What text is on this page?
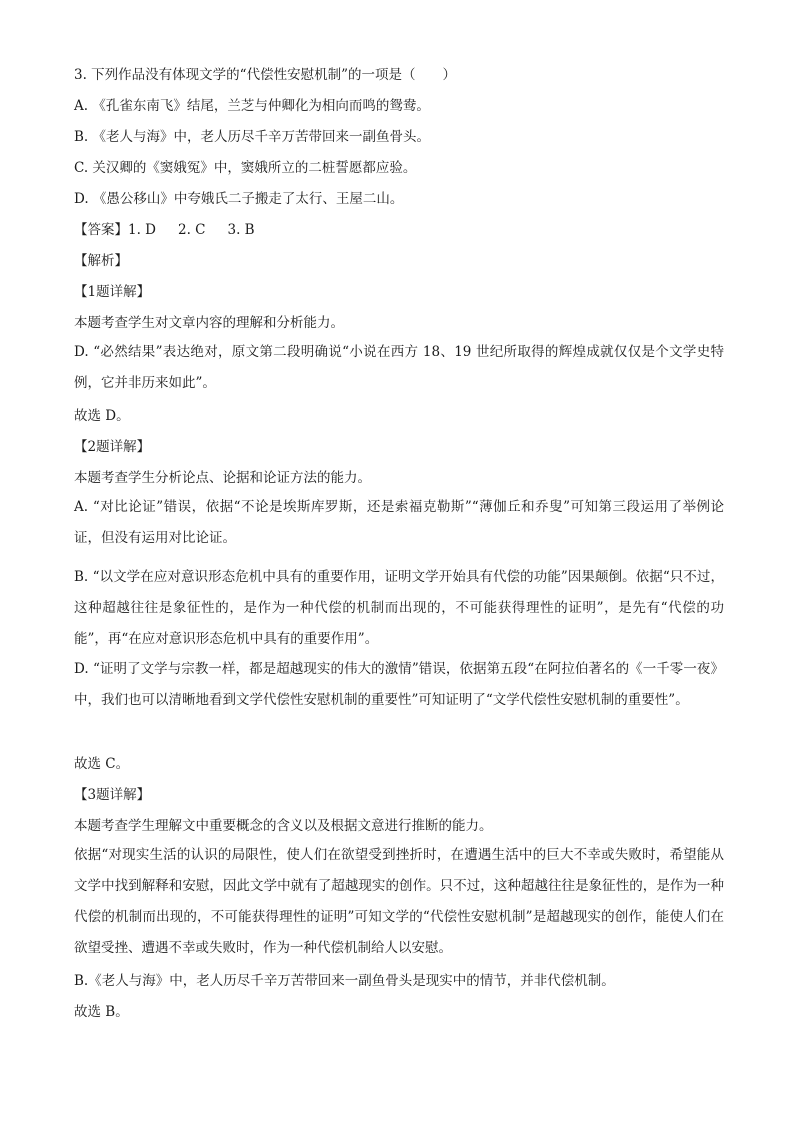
3. 下列作品没有体现文学的“代偿性安慰机制”的一项是（　　）
A. 《孔雀东南飞》结尾，兰芝与仲卿化为相向而鸣的鸳鸯。
B. 《老人与海》中，老人历尽千辛万苦带回来一副鱼骨头。
C. 关汉卿的《窦娥冤》中，窦娥所立的二桩誓愿都应验。
D. 《愚公移山》中夸娥氏二子搬走了太行、王屋二山。
【答案】1. D 2. C 3. B
【解析】
【1题详解】
本题考查学生对文章内容的理解和分析能力。
D. “必然结果”表达绝对，原文第二段明确说“小说在西方 18、19 世纪所取得的辉煌成就仅仅是个文学史特例，它并非历来如此”。
故选 D。
【2题详解】
本题考查学生分析论点、论据和论证方法的能力。
A. “对比论证”错误，依据“不论是埃斯库罗斯，还是索福克勒斯”“薄伽丘和乔叟”可知第三段运用了举例论证，但没有运用对比论证。
B. “以文学在应对意识形态危机中具有的重要作用，证明文学开始具有代偿的功能”因果颠倒。依据“只不过，这种超越往往是象征性的，是作为一种代偿的机制而出现的，不可能获得理性的证明”，是先有“代偿的功能”，再“在应对意识形态危机中具有的重要作用”。
D. “证明了文学与宗教一样，都是超越现实的伟大的激情”错误，依据第五段“在阿拉伯著名的《一千零一夜》中，我们也可以清晰地看到文学代偿性安慰机制的重要性”可知证明了“文学代偿性安慰机制的重要性”。
故选 C。
【3题详解】
本题考查学生理解文中重要概念的含义以及根据文意进行推断的能力。
依据“对现实生活的认识的局限性，使人们在欲望受到挫折时，在遭遇生活中的巨大不幸或失败时，希望能从文学中找到解释和安慰，因此文学中就有了超越现实的创作。只不过，这种超越往往是象征性的，是作为一种代偿的机制而出现的，不可能获得理性的证明”可知文学的“代偿性安慰机制”是超越现实的创作，能使人们在欲望受挫、遭遇不幸或失败时，作为一种代偿机制给人以安慰。
B.《老人与海》中，老人历尽千辛万苦带回来一副鱼骨头是现实中的情节，并非代偿机制。
故选 B。
